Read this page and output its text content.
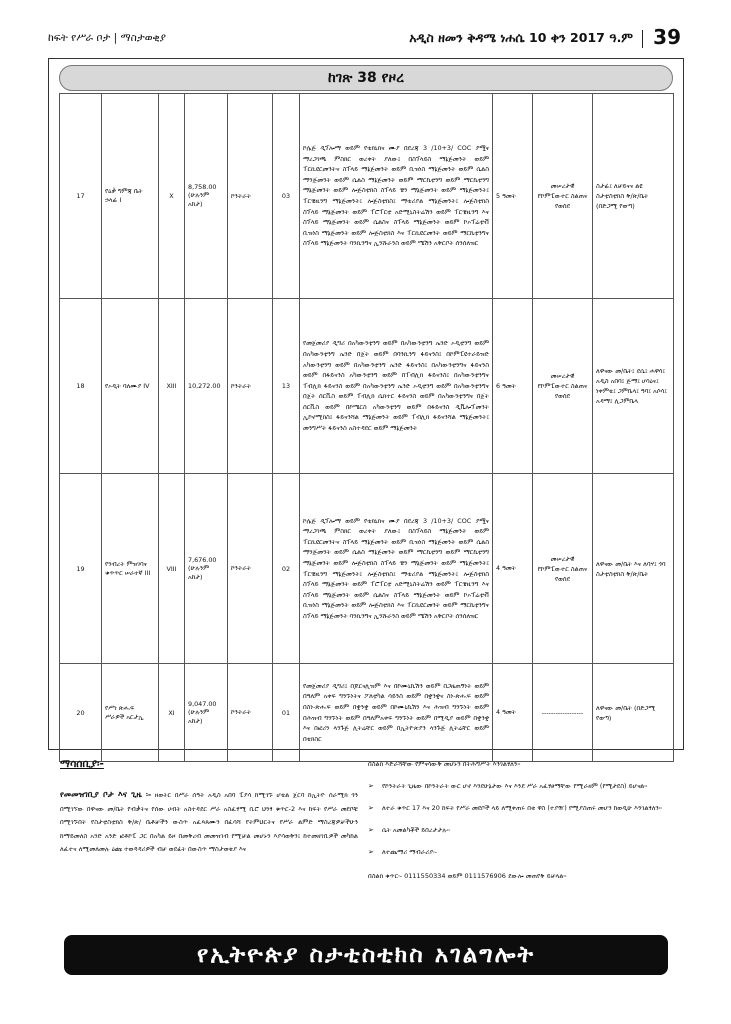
ከፍት የሥራ ቦታ | ማስታወቂያ	አዲስ ዘመን ቅዳሜ ነሐሴ 10 ቀን 2017 ዓ.ም 39
ከገጽ 38 የዞረ
17	የዕቃ ግምጃ ቤት ኃላፊ I	X	8,758.00 (ሁሉንም አከታ)	ኮንትራት	03	ኮሌጅ ዲፕሎማ ወይም የቴክኒክና ሙያ በደረጃ 3 /10+3/ COC ያሟና ማረጋገጫ ምስክር ወረቀት ያለው፤ በስፕላይስ ማኔጅመንት ወይም ፐርኪዩርመንትና ስፕላይ ማኔጅመንት ወይም ቢዝነስ ማኔጅመንት ወይም ሴልስ ማንጅመንት ወይም ሴልስ ማኔጅመንት ወይም ማርኬቲንግ ወይም ማርኬቲንግ ማኔጅመንት ወይም ሎጅስቲክስ ስፕላይ ቼን ማኔጅመንት ወይም ማኔጅመንት፤ ፐርቼዚንግ ማኔጅመንት፤ ሎጅስቲክስ፤ ማቴሪያል ማኔጅመንት፤ ሎጅስቲክስ ስፕላይ ማኔጅመንት ወይም ፐሮፐርቲ አድሚኒስትሬሽን ወይም ፐርቼዚንግ እና ስፕላይ ማኔጅመንት ወይም ሴልስና ስፕላይ ማኔጅመንት ወይም ኮኦፕሬቲቭ ቢዝነስ ማኔጅመንት ወይም ሎጅስቲክስ እና ፐርኪዩርመንት ወይም ማርኬቲንግና ስፕላይ ማኔጅመንት ባንኪንግና ኢንሹራንስ ወይም ሜሽን አቅርቦት ሰንሰለዝር	5 ዓመት	መሠረታዊ የኮምፒውተር ስልጠና የወሰደ	ስታፊ፤ ለቻይናና ልዩ ስታቲስቲክስ ቅ/ጽ/ቤት (በድጋሚ የወጣ)
18	የኦዲት ባለሙያ IV	XIII	10,272.00	ኮንትራት	13	የመጀመሪያ ዲግሪ በአካውንቲንግ ወይም በአካውንቲንግ ኤንድ ኦዲቲንግ ወይም በአካውንቲንግ ኤንድ በጀት ወይም በባንኪንግ ፋይናንስ፤ በኮምፒዩተራይዝድ አካውንቲንግ ወይም በአካውንቲንግ ኤንድ ፋይናንስ፤ በአካውንቲንግና ፋይናንስ ወይም በፋይናንስ አካውንቲንግ ወይም በፐብሊክ ፋይናንስ፤ በአካውንቲንግና ፐብሊክ ፋይናንስ ወይም በአካውንቲንግ ኤንድ ኦዲቲንግ ወይም በአካውንቲንግና በጀት ሰርቪስ ወይም ፐብሊክ ሴክተር ፋይናንስ ወይም በአካውንቲንግና በጀት ሰርቪስ ወይም በኮሜርስ አካውንቲንግ ወይም በፋይናንስ ዲቬሎፕመንት ኢኮኖሚክስ፤ ፋይናንሻል ማኔጅመንት ወይም ፐብሊክ ፋይናንሻል ማኔጅመንት፤ መንግሥት ፋይናንስ አስተዳደር ወይም ማኔጅመንት	6 ዓመት	መሠረታዊ የኮምፒውተር ስልጠና የወሰደ	ለዋናው መ/ቤት፤ ደሴ፤ ሐዋሳ፤ አዲስ አበባ፤ ጅማ፤ ሆሳዕና፤ ነቀምቴ፤ ጋምቤላ፤ ዓባ፤ አሶሳ፤ አዳማ፤ ሊጋምቤላ
19	የንብረት ምዝገባና ቁጥጥር ሠራተኛ III	VIII	7,676.00 (ሁሉንም አከታ)	ኮንትራት	02	ኮሌጅ ዲፕሎማ ወይም የቴክኒክና ሙያ በደረጃ 3 /10+3/ COC ያሟና ማረጋገጫ ምስክር ወረቀት ያለው፤ በስፕላይስ ማኔጅመንት ወይም ፐርኪዩርመንትና ስፕላይ ማኔጅመንት ወይም ቢዝነስ ማኔጅመንት ወይም ሴልስ ማንጅመንት ወይም ሴልስ ማኔጅመንት ወይም ማርኬቲንግ ወይም ማርኬቲንግ ማኔጅመንት ወይም ሎጅስቲክስ ስፕላይ ቼን ማኔጅመንት ወይም ማኔጅመንት፤ ፐርቼዚንግ ማኔጅመንት፤ ሎጅስቲክስ፤ ማቴሪያል ማኔጅመንት፤ ሎጅስቲክስ ስፕላይ ማኔጅመንት ወይም ፐሮፐርቲ አድሚኒስትሬሽን ወይም ፐርቼዚንግ እና ስፕላይ ማኔጅመንት ወይም ሴልስና ስፕላይ ማኔጅመንት ወይም ኮኦፕሬቲቭ ቢዝነስ ማኔጅመንት ወይም ሎጅስቲክስ እና ፐርኪዩርመንት ወይም ማርኬቲንግና ስፕላይ ማኔጅመንት ባንኪንግና ኢንሹራንስ ወይም ሜሽን አቅርቦት ሰንሰለዝር	4 ዓመት	መሠረታዊ የኮምፒውተር ስልጠና የወሰደ	ለዋናው መ/ቤት እና ለባሃ፤ ጎባ ስታቲስቲክስ ቅ/ጽ/ቤት
20	የሥነ ጽሑፍ ሥራዎች አርታኢ	XI	9,047.00 (ሁሉንም አከታ)	ኮንትራት	01	የመጀመሪያ ዲግሪ፤ በጆርናሊዝም እና በኮሙኒኬሽን ወይም በጋዜጠኝነት ወይም በዓለም አቀፍ ግንኙነትና ፖለቲካል ሳይንስ ወይም በቋንቋና ስነ-ጽሑፍ ወይም በስነ-ጽሑፍ ወይም በቋንቋ ወይም በኮሙኒኬሽን እና ሕዝብ ግንኙነት ወይም በሕዝብ ግንኙነት ወይም በዓለምአቀፍ ግንኙነት ወይም በሚዲያ ወይም በቋንቋ እና በፎሪን ላንጉጅ ሊትሬቸር ወይም በኢትዮጵያን ላንጉጅ ሊትሬቸር ወይም በቴክስር	4 ዓመት	------------------	ለዋናው መ/ቤት (በድጋሚ የወጣ)
ማሳሰቢያ፡-
የመመዝገቢያ ቦታ እና ጊዜ ፡- ዘወትር በሥራ ሰዓት አዲስ አበባ ፒያሳ ከሚገኙ ሆቴል ጀርባ ከኢትዮ ሰራሚክ ጎን በሚገኘው በዋናው መ/ቤት የብቃትና የሰው ሀብት አስተዳደር ሥራ አስፈፃሚ ቢሮ ህንፃ ቁጥር-2 እና ከፍት የሥራ መደቦቹ በሚገኙበት የስታቲስቲክስ ቅ/ጽ/ ቤቶቻችን ውስጥ አፈጻጸሙን በፈሳሻ የትምህርትና የሥራ ልምድ ማስረጃዎቻችሁን ከማይመለስ አንድ አንድ ፎቶኮፒ ጋር በአካል ይዞ በመቅረብ መመዝገብ የሚቻል መሆኑን እያሳወቅን፤ ከተመዘገቢዎች መካከል ለፈተና ለሚመለመሉ ዕጩ ተወዳዳሪዎች ብቻ ወደፊት በውስጥ ማስታወቂያ እና
በስልክ እድራሻቸው የምናሳውቅ መሆኑን በትሕግሥት እንገልፃለን፡፡
➢ የኮንትራት ጊዜው በኮንትራት ውር ሆኖ እንደሁኔታው እና እንደ ሥራ አፈፃፀማቸው የሚራዘም (የሚታደስ) ይሆናል፡፡
➢ ለተራ ቁጥር 17 እና 20 ከፍት የሥራ መደቦች ላይ ለሚቀጠሩ በቂ ዋስ (ተያዥ) የሚያስጠሩ መሆን ከወዲሁ እንገልፃለን፡፡
➢ ሴት አመልካቾች ይበረታታሉ፡፡
➢ ለተጨማሪ ማብራሪያ፡-
በስልክ ቁጥር፡- 0111550334 ወይም 0111576906 ደውሎ መጠየቅ ይቻላል፡፡
የኢትዮጵያ ስታቲስቲክስ አገልግሎት
